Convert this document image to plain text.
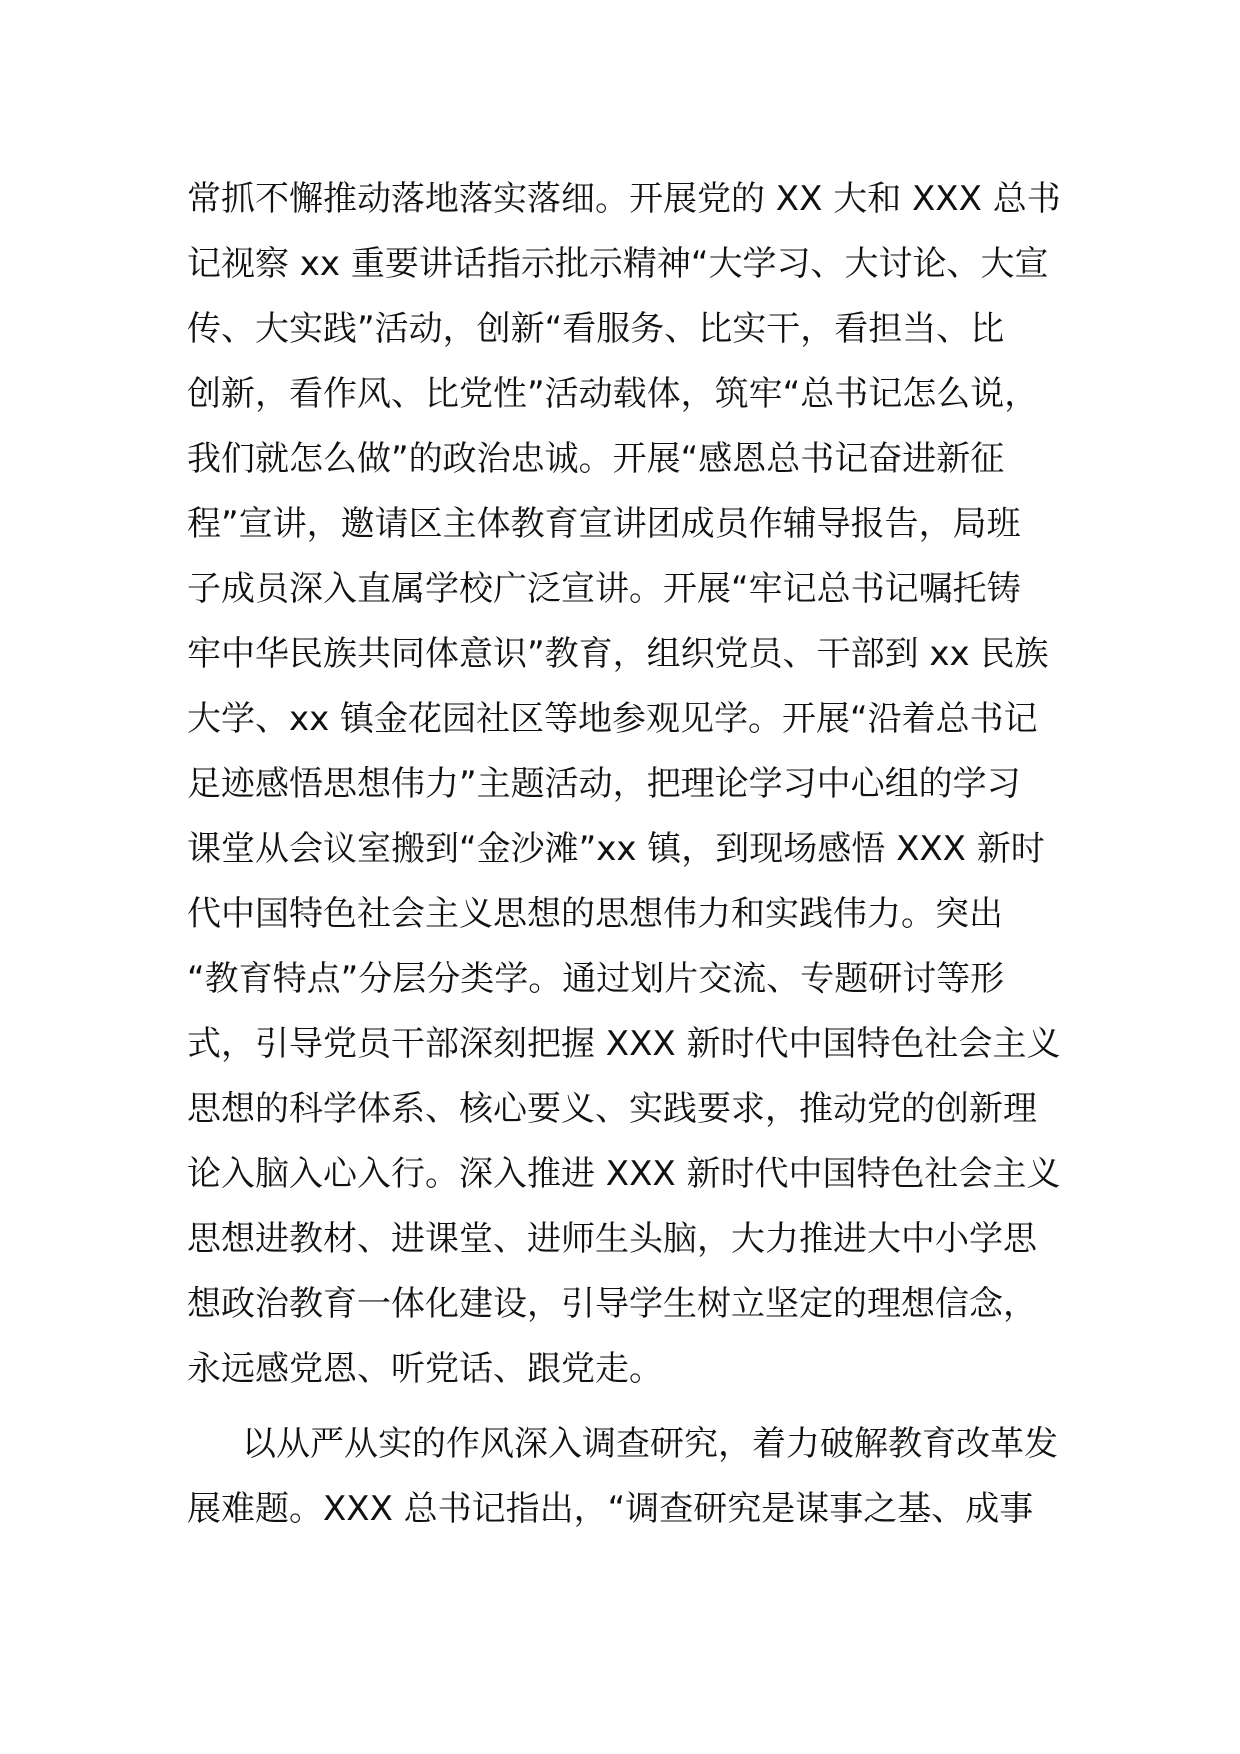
常抓不懈推动落地落实落细。开展党的 XX 大和 XXX 总书
记视察 xx 重要讲话指示批示精神“大学习、大讨论、大宣
传、大实践”活动，创新“看服务、比实干，看担当、比
创新，看作风、比党性”活动载体，筑牢“总书记怎么说，
我们就怎么做”的政治忠诚。开展“感恩总书记奋进新征
程”宣讲，邀请区主体教育宣讲团成员作辅导报告，局班
子成员深入直属学校广泛宣讲。开展“牢记总书记嘱托铸
牢中华民族共同体意识”教育，组织党员、干部到 xx 民族
大学、xx 镇金花园社区等地参观见学。开展“沿着总书记
足迹感悟思想伟力”主题活动，把理论学习中心组的学习
课堂从会议室搬到“金沙滩”xx 镇，到现场感悟 XXX 新时
代中国特色社会主义思想的思想伟力和实践伟力。突出
“教育特点”分层分类学。通过划片交流、专题研讨等形
式，引导党员干部深刻把握 XXX 新时代中国特色社会主义
思想的科学体系、核心要义、实践要求，推动党的创新理
论入脑入心入行。深入推进 XXX 新时代中国特色社会主义
思想进教材、进课堂、进师生头脑，大力推进大中小学思
想政治教育一体化建设，引导学生树立坚定的理想信念，
永远感党恩、听党话、跟党走。
以从严从实的作风深入调查研究，着力破解教育改革发
展难题。XXX 总书记指出，“调查研究是谋事之基、成事
